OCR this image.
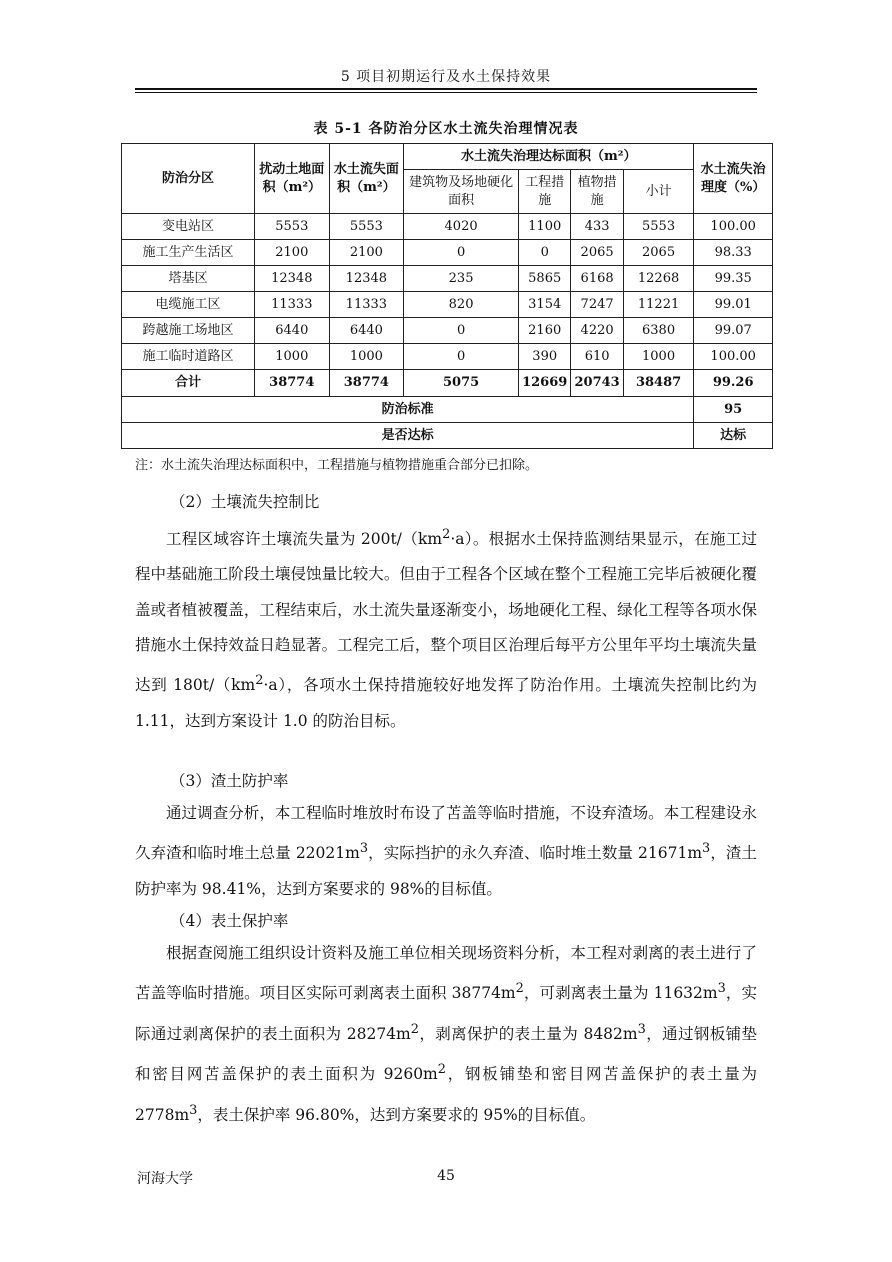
5 项目初期运行及水土保持效果
表 5-1 各防治分区水土流失治理情况表
防治分区	扰动土地面积（m²）	水土流失面积（m²）	水土流失治理达标面积（m²）				水土流失治理度（%）
			建筑物及场地硬化面积	工程措施	植物措施	小计	
变电站区	5553	5553	4020	1100	433	5553	100.00
施工生产生活区	2100	2100	0	0	2065	2065	98.33
塔基区	12348	12348	235	5865	6168	12268	99.35
电缆施工区	11333	11333	820	3154	7247	11221	99.01
跨越施工场地区	6440	6440	0	2160	4220	6380	99.07
施工临时道路区	1000	1000	0	390	610	1000	100.00
合计	38774	38774	5075	12669	20743	38487	99.26
防治标准							95
是否达标							达标
注：水土流失治理达标面积中，工程措施与植物措施重合部分已扣除。
（2）土壤流失控制比

工程区域容许土壤流失量为 $200t/(km^2\cdot a)$。根据水土保持监测结果显示，在施工过程中基础施工阶段土壤侵蚀量比较大。但由于工程各个区域在整个工程施工完毕后被硬化覆盖或者植被覆盖，工程结束后，水土流失量逐渐变小，场地硬化工程、绿化工程等各项水保措施水土保持效益日趋显著。工程完工后，整个项目区治理后每平方公里年平均土壤流失量达到 $180t/(km^2\cdot a)$，各项水土保持措施较好地发挥了防治作用。土壤流失控制比约为 1.11，达到方案设计 1.0 的防治目标。

（3）渣土防护率

通过调查分析，本工程临时堆放时布设了苫盖等临时措施，不设弃渣场。本工程建设永久弃渣和临时堆土总量 $22021m^3$，实际挡护的永久弃渣、临时堆土数量 $21671m^3$，渣土防护率为 98.41%，达到方案要求的 98%的目标值。

（4）表土保护率

根据查阅施工组织设计资料及施工单位相关现场资料分析，本工程对剥离的表土进行了苫盖等临时措施。项目区实际可剥离表土面积 $38774m^2$，可剥离表土量为 $11632m^3$，实际通过剥离保护的表土面积为 $28274m^2$，剥离保护的表土量为 $8482m^3$，通过钢板铺垫和密目网苫盖保护的表土面积为 $9260m^2$，钢板铺垫和密目网苫盖保护的表土量为 $2778m^3$，表土保护率 96.80%，达到方案要求的 95%的目标值。

河海大学	45
